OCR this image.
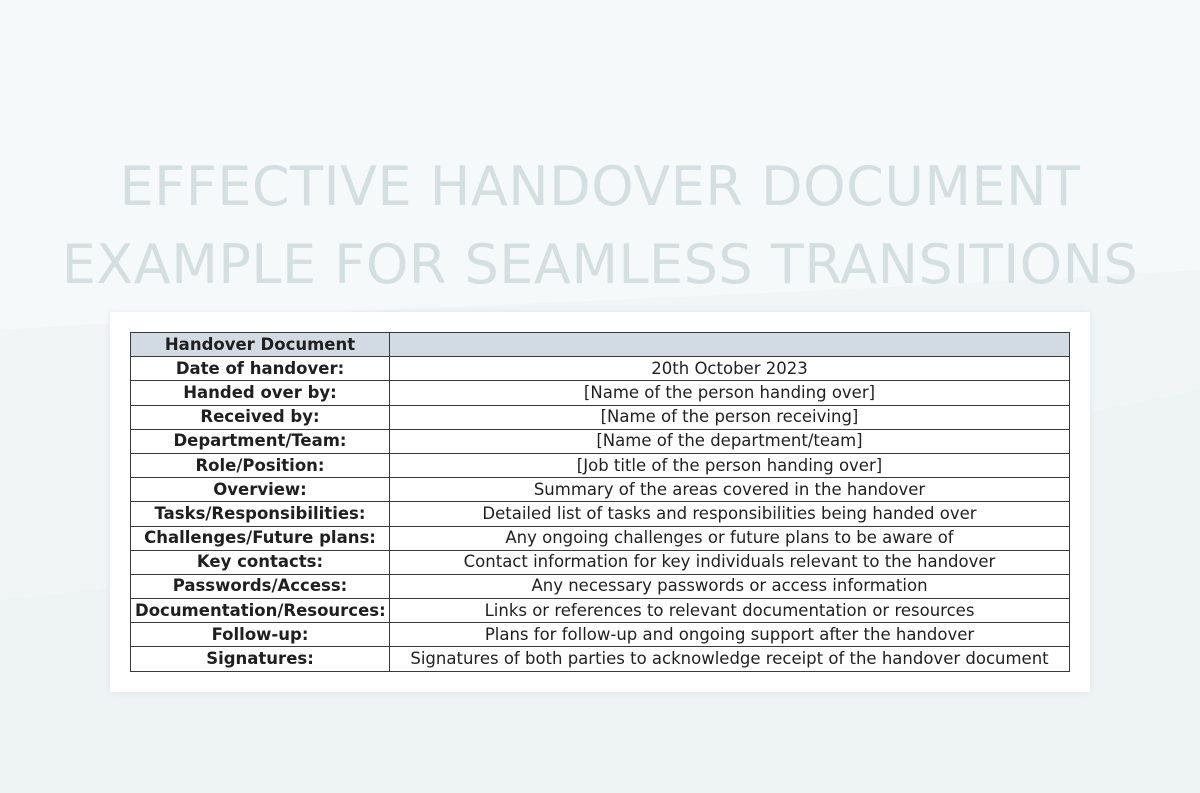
EFFECTIVE HANDOVER DOCUMENT
EXAMPLE FOR SEAMLESS TRANSITIONS
Handover Document	
Date of handover:	20th October 2023
Handed over by:	[Name of the person handing over]
Received by:	[Name of the person receiving]
Department/Team:	[Name of the department/team]
Role/Position:	[Job title of the person handing over]
Overview:	Summary of the areas covered in the handover
Tasks/Responsibilities:	Detailed list of tasks and responsibilities being handed over
Challenges/Future plans:	Any ongoing challenges or future plans to be aware of
Key contacts:	Contact information for key individuals relevant to the handover
Passwords/Access:	Any necessary passwords or access information
Documentation/Resources:	Links or references to relevant documentation or resources
Follow-up:	Plans for follow-up and ongoing support after the handover
Signatures:	Signatures of both parties to acknowledge receipt of the handover document
